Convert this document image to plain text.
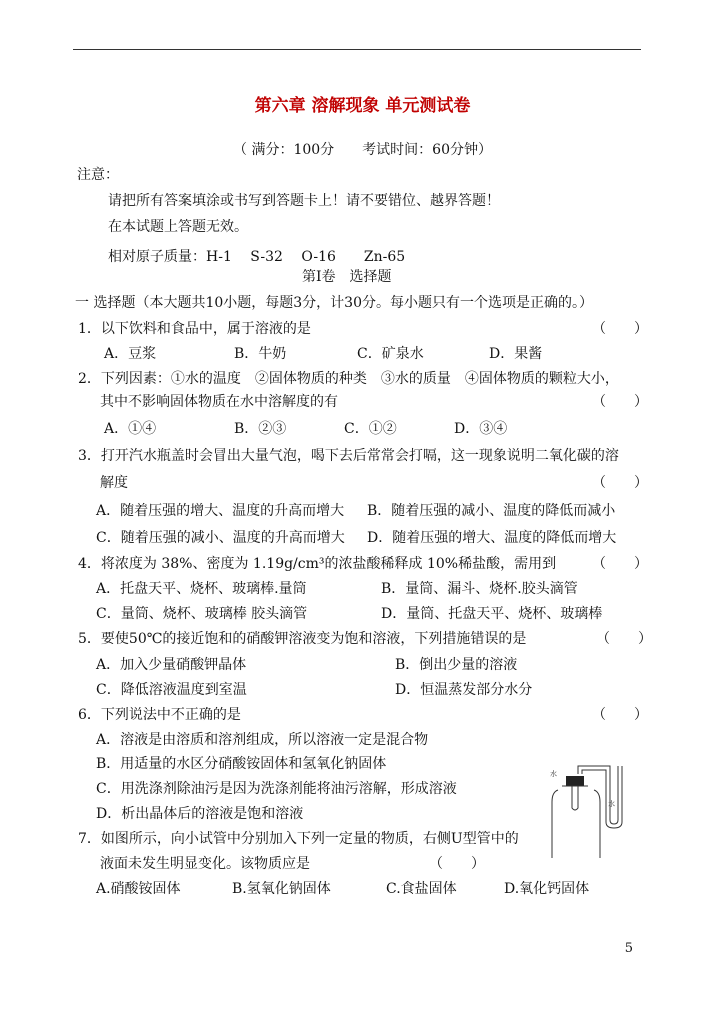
第六章 溶解现象 单元测试卷
（ 满分：100分　　考试时间：60分钟）
注意：
请把所有答案填涂或书写到答题卡上！请不要错位、越界答题！
在本试题上答题无效。
相对原子质量：H-1　 S-32　 O-16　　Zn-65
第Ⅰ卷　选择题
一 选择题（本大题共10小题，每题3分，计30分。每小题只有一个选项是正确的。）
1．以下饮料和食品中，属于溶液的是	（　　）
A．豆浆	B．牛奶	C．矿泉水	D．果酱
2．下列因素：①水的温度　②固体物质的种类　③水的质量　④固体物质的颗粒大小，
其中不影响固体物质在水中溶解度的有	（　　）
A．①④	B．②③	C．①②	D．③④
3．打开汽水瓶盖时会冒出大量气泡，喝下去后常常会打嗝，这一现象说明二氧化碳的溶
解度	（　　）
A．随着压强的增大、温度的升高而增大 B．随着压强的减小、温度的降低而减小
C．随着压强的减小、温度的升高而增大 D．随着压强的增大、温度的降低而增大
4．将浓度为 38%、密度为 1.19g/cm³的浓盐酸稀释成 10%稀盐酸，需用到	（　　）
A．托盘天平、烧杯、玻璃棒.量筒	B．量筒、漏斗、烧杯.胶头滴管
C．量筒、烧杯、玻璃棒 胶头滴管	D．量筒、托盘天平、烧杯、玻璃棒
5．要使50℃的接近饱和的硝酸钾溶液变为饱和溶液，下列措施错误的是	（　　）
A．加入少量硝酸钾晶体	B．倒出少量的溶液
C．降低溶液温度到室温	D．恒温蒸发部分水分
6．下列说法中不正确的是	（　　）
A．溶液是由溶质和溶剂组成，所以溶液一定是混合物
B．用适量的水区分硝酸铵固体和氢氧化钠固体
C．用洗涤剂除油污是因为洗涤剂能将油污溶解，形成溶液
D．析出晶体后的溶液是饱和溶液
7．如图所示，向小试管中分别加入下列一定量的物质，右侧U型管中的
液面未发生明显变化。该物质应是	（　　）
A.硝酸铵固体	B.氢氧化钠固体	C.食盐固体	D.氧化钙固体
水
水
5
